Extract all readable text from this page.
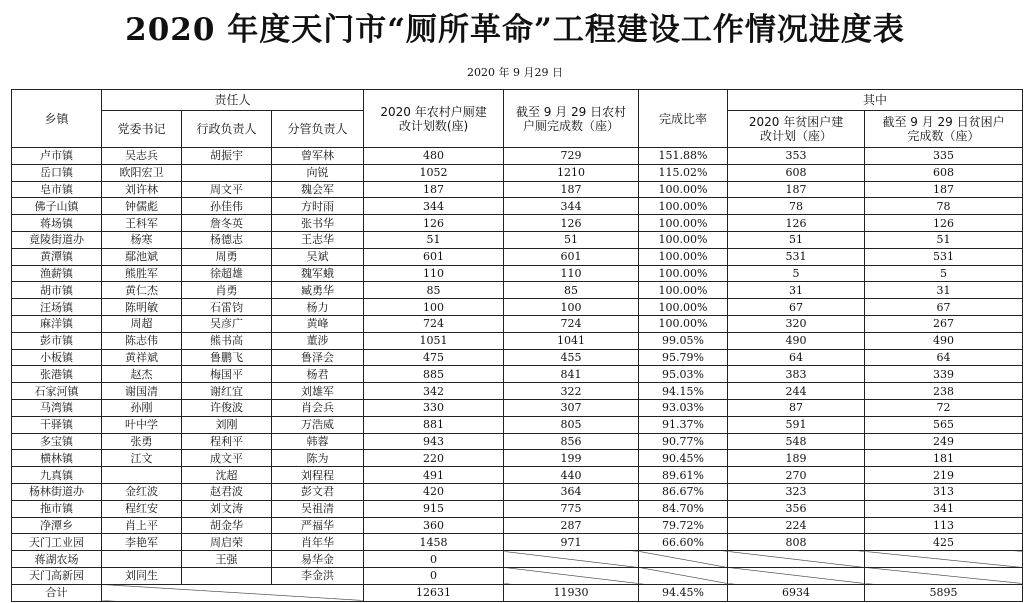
2020 年度天门市“厕所革命”工程建设工作情况进度表
2020 年 9 月29 日
乡镇	责任人			2020 年农村户厕建改计划数(座)	截至 9 月 29 日农村户厕完成数（座）	完成比率	其中	
	党委书记	行政负责人	分管负责人				2020 年贫困户建改计划（座）	截至 9 月 29 日贫困户完成数（座）
卢市镇	吴志兵	胡振宇	曾军林	480	729	151.88%	353	335
岳口镇	欧阳宏卫		向锐	1052	1210	115.02%	608	608
皂市镇	刘许林	周文平	魏会军	187	187	100.00%	187	187
佛子山镇	钟儒彪	孙佳伟	方时雨	344	344	100.00%	78	78
蒋场镇	王科军	詹冬英	张书华	126	126	100.00%	126	126
竟陵街道办	杨寒	杨德志	王志华	51	51	100.00%	51	51
黄潭镇	鄢池斌	周勇	吴斌	601	601	100.00%	531	531
渔薪镇	熊胜军	徐超雄	魏军蛾	110	110	100.00%	5	5
胡市镇	黄仁杰	肖勇	臧勇华	85	85	100.00%	31	31
汪场镇	陈明敏	石雷钧	杨力	100	100	100.00%	67	67
麻洋镇	周超	吴彦广	黄峰	724	724	100.00%	320	267
彭市镇	陈志伟	熊书高	董涉	1051	1041	99.05%	490	490
小板镇	黄祥斌	鲁鹏飞	鲁泽会	475	455	95.79%	64	64
张港镇	赵杰	梅国平	杨君	885	841	95.03%	383	339
石家河镇	谢国清	谢红宜	刘雄军	342	322	94.15%	244	238
马湾镇	孙刚	许俊波	肖会兵	330	307	93.03%	87	72
干驿镇	叶中学	刘刚	万浩威	881	805	91.37%	591	565
多宝镇	张勇	程利平	韩蓉	943	856	90.77%	548	249
横林镇	江文	成文平	陈为	220	199	90.45%	189	181
九真镇		沈超	刘程程	491	440	89.61%	270	219
杨林街道办	金红波	赵君波	彭文君	420	364	86.67%	323	313
拖市镇	程红安	刘文涛	吴祖清	915	775	84.70%	356	341
净潭乡	肖上平	胡金华	严福华	360	287	79.72%	224	113
天门工业园	李艳军	周启荣	肖年华	1458	971	66.60%	808	425
蒋湖农场		王强	易华金	0				
天门高新园	刘同生		李金洪	0				
合计				12631	11930	94.45%	6934	5895
